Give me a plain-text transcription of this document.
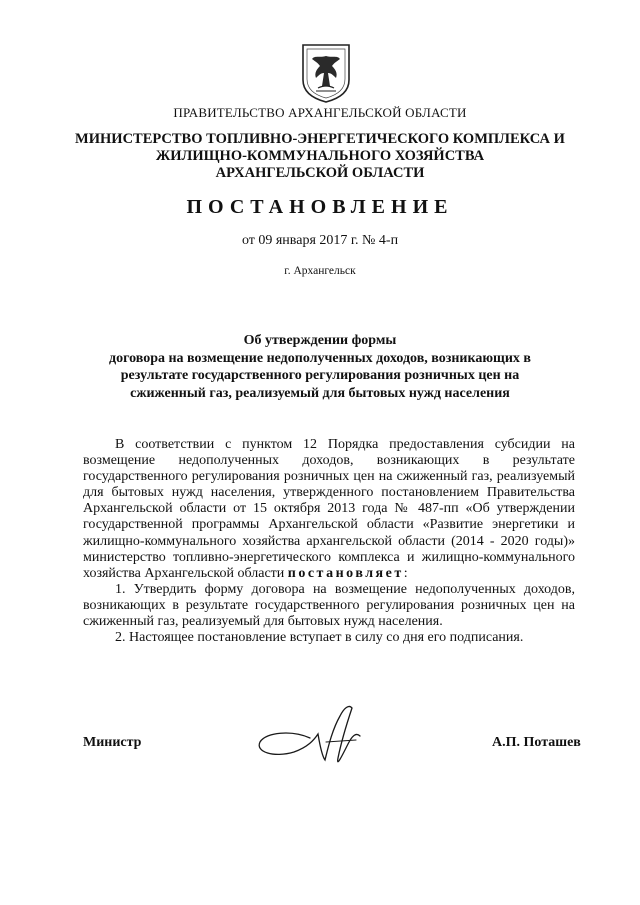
ПРАВИТЕЛЬСТВО АРХАНГЕЛЬСКОЙ ОБЛАСТИ
МИНИСТЕРСТВО ТОПЛИВНО-ЭНЕРГЕТИЧЕСКОГО КОМПЛЕКСА И
ЖИЛИЩНО-КОММУНАЛЬНОГО ХОЗЯЙСТВА
АРХАНГЕЛЬСКОЙ ОБЛАСТИ
ПОСТАНОВЛЕНИЕ
от 09 января 2017 г. № 4-п
г. Архангельск
Об утверждении формы
договора на возмещение недополученных доходов, возникающих в
результате государственного регулирования розничных цен на
сжиженный газ, реализуемый для бытовых нужд населения

В соответствии с пунктом 12 Порядка предоставления субсидии на возмещение недополученных доходов, возникающих в результате государственного регулирования розничных цен на сжиженный газ, реализуемый для бытовых нужд населения, утвержденного постановлением Правительства Архангельской области от 15 октября 2013 года № 487-пп «Об утверждении государственной программы Архангельской области «Развитие энергетики и жилищно-коммунального хозяйства архангельской области (2014 - 2020 годы)» министерство топливно-энергетического комплекса и жилищно-коммунального хозяйства Архангельской области постановляет:

1. Утвердить форму договора на возмещение недополученных доходов, возникающих в результате государственного регулирования розничных цен на сжиженный газ, реализуемый для бытовых нужд населения.

2. Настоящее постановление вступает в силу со дня его подписания.

Министр	А.П. Поташев
